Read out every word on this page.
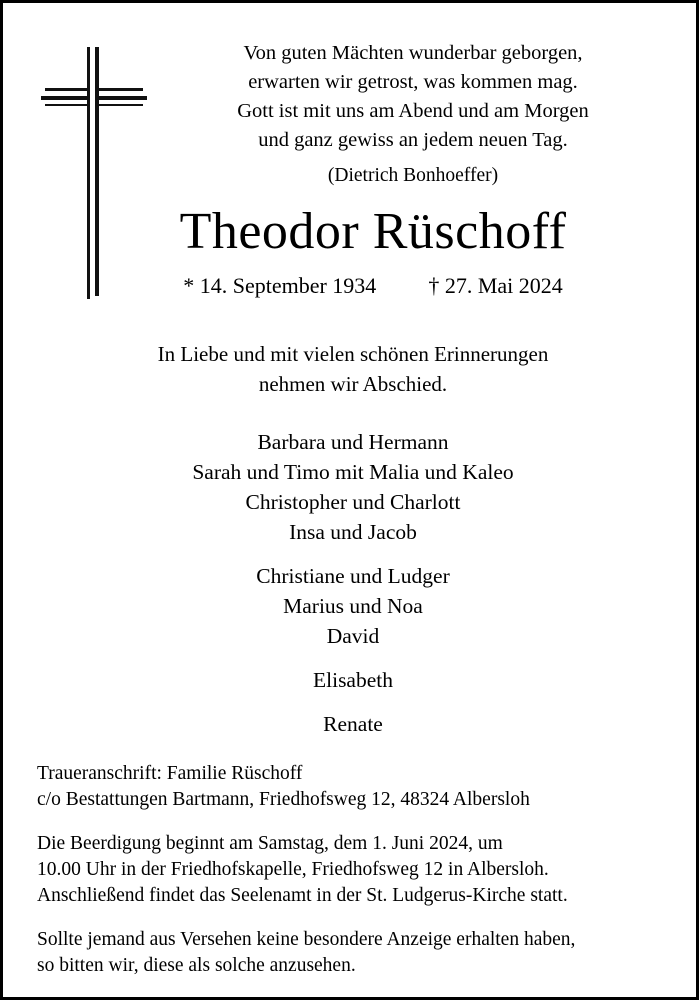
Von guten Mächten wunderbar geborgen,
erwarten wir getrost, was kommen mag.
Gott ist mit uns am Abend und am Morgen
und ganz gewiss an jedem neuen Tag.
(Dietrich Bonhoeffer)
Theodor Rüschoff
* 14. September 1934 † 27. Mai 2024
In Liebe und mit vielen schönen Erinnerungen
nehmen wir Abschied.
Barbara und Hermann
Sarah und Timo mit Malia und Kaleo
Christopher und Charlott
Insa und Jacob
Christiane und Ludger
Marius und Noa
David
Elisabeth
Renate
Traueranschrift: Familie Rüschoff
c/o Bestattungen Bartmann, Friedhofsweg 12, 48324 Albersloh
Die Beerdigung beginnt am Samstag, dem 1. Juni 2024, um
10.00 Uhr in der Friedhofskapelle, Friedhofsweg 12 in Albersloh.
Anschließend findet das Seelenamt in der St. Ludgerus-Kirche statt.
Sollte jemand aus Versehen keine besondere Anzeige erhalten haben,
so bitten wir, diese als solche anzusehen.
